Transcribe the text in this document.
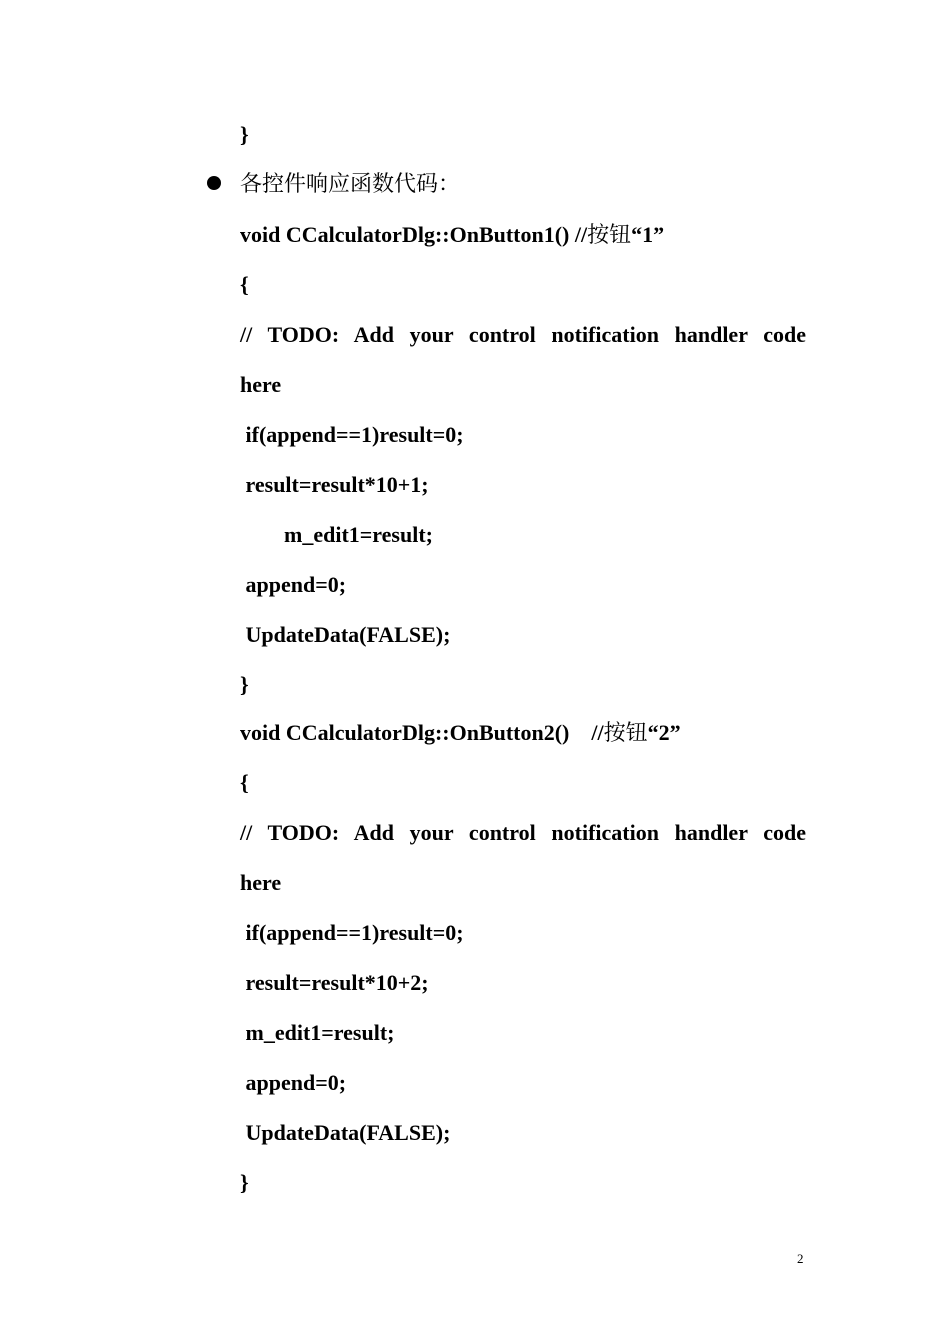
}
各控件响应函数代码：
void CCalculatorDlg::OnButton1() //按钮“1”
{
// TODO: Add your control notification handler code
here
if(append==1)result=0;
result=result*10+1;
m_edit1=result;
append=0;
UpdateData(FALSE);
}
void CCalculatorDlg::OnButton2()    //按钮“2”
{
// TODO: Add your control notification handler code
here
if(append==1)result=0;
result=result*10+2;
m_edit1=result;
append=0;
UpdateData(FALSE);
}
2
